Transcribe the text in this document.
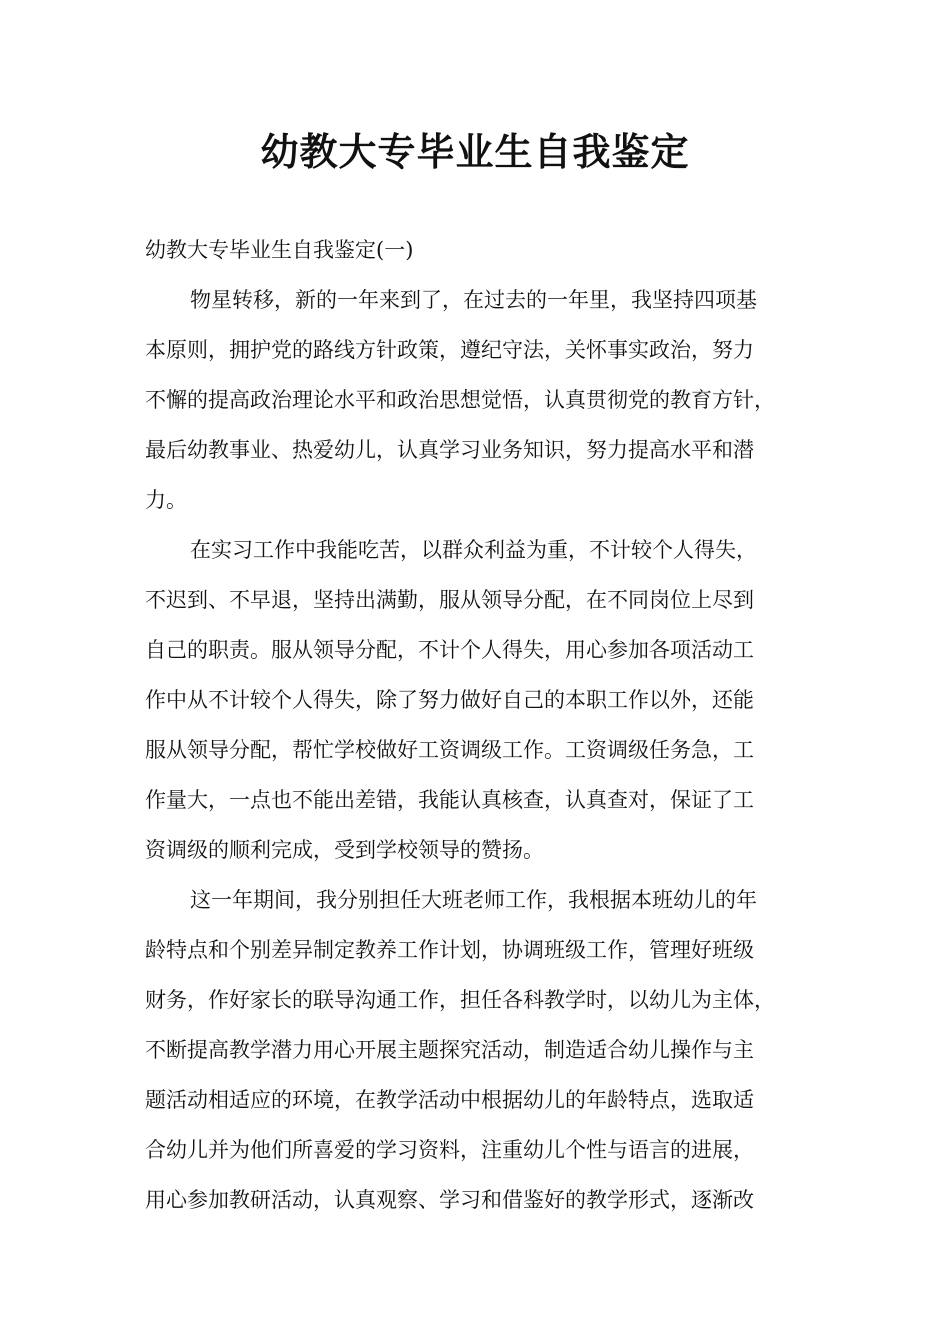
幼教大专毕业生自我鉴定

幼教大专毕业生自我鉴定(一)

物星转移，新的一年来到了，在过去的一年里，我坚持四项基
本原则，拥护党的路线方针政策，遵纪守法，关怀事实政治，努力
不懈的提高政治理论水平和政治思想觉悟，认真贯彻党的教育方针，
最后幼教事业、热爱幼儿，认真学习业务知识，努力提高水平和潜
力。
在实习工作中我能吃苦，以群众利益为重，不计较个人得失，
不迟到、不早退，坚持出满勤，服从领导分配，在不同岗位上尽到
自己的职责。服从领导分配，不计个人得失，用心参加各项活动工
作中从不计较个人得失，除了努力做好自己的本职工作以外，还能
服从领导分配，帮忙学校做好工资调级工作。工资调级任务急，工
作量大，一点也不能出差错，我能认真核查，认真查对，保证了工
资调级的顺利完成，受到学校领导的赞扬。
这一年期间，我分别担任大班老师工作，我根据本班幼儿的年
龄特点和个别差异制定教养工作计划，协调班级工作，管理好班级
财务，作好家长的联导沟通工作，担任各科教学时，以幼儿为主体，
不断提高教学潜力用心开展主题探究活动，制造适合幼儿操作与主
题活动相适应的环境，在教学活动中根据幼儿的年龄特点，选取适
合幼儿并为他们所喜爱的学习资料，注重幼儿个性与语言的进展，
用心参加教研活动，认真观察、学习和借鉴好的教学形式，逐渐改
